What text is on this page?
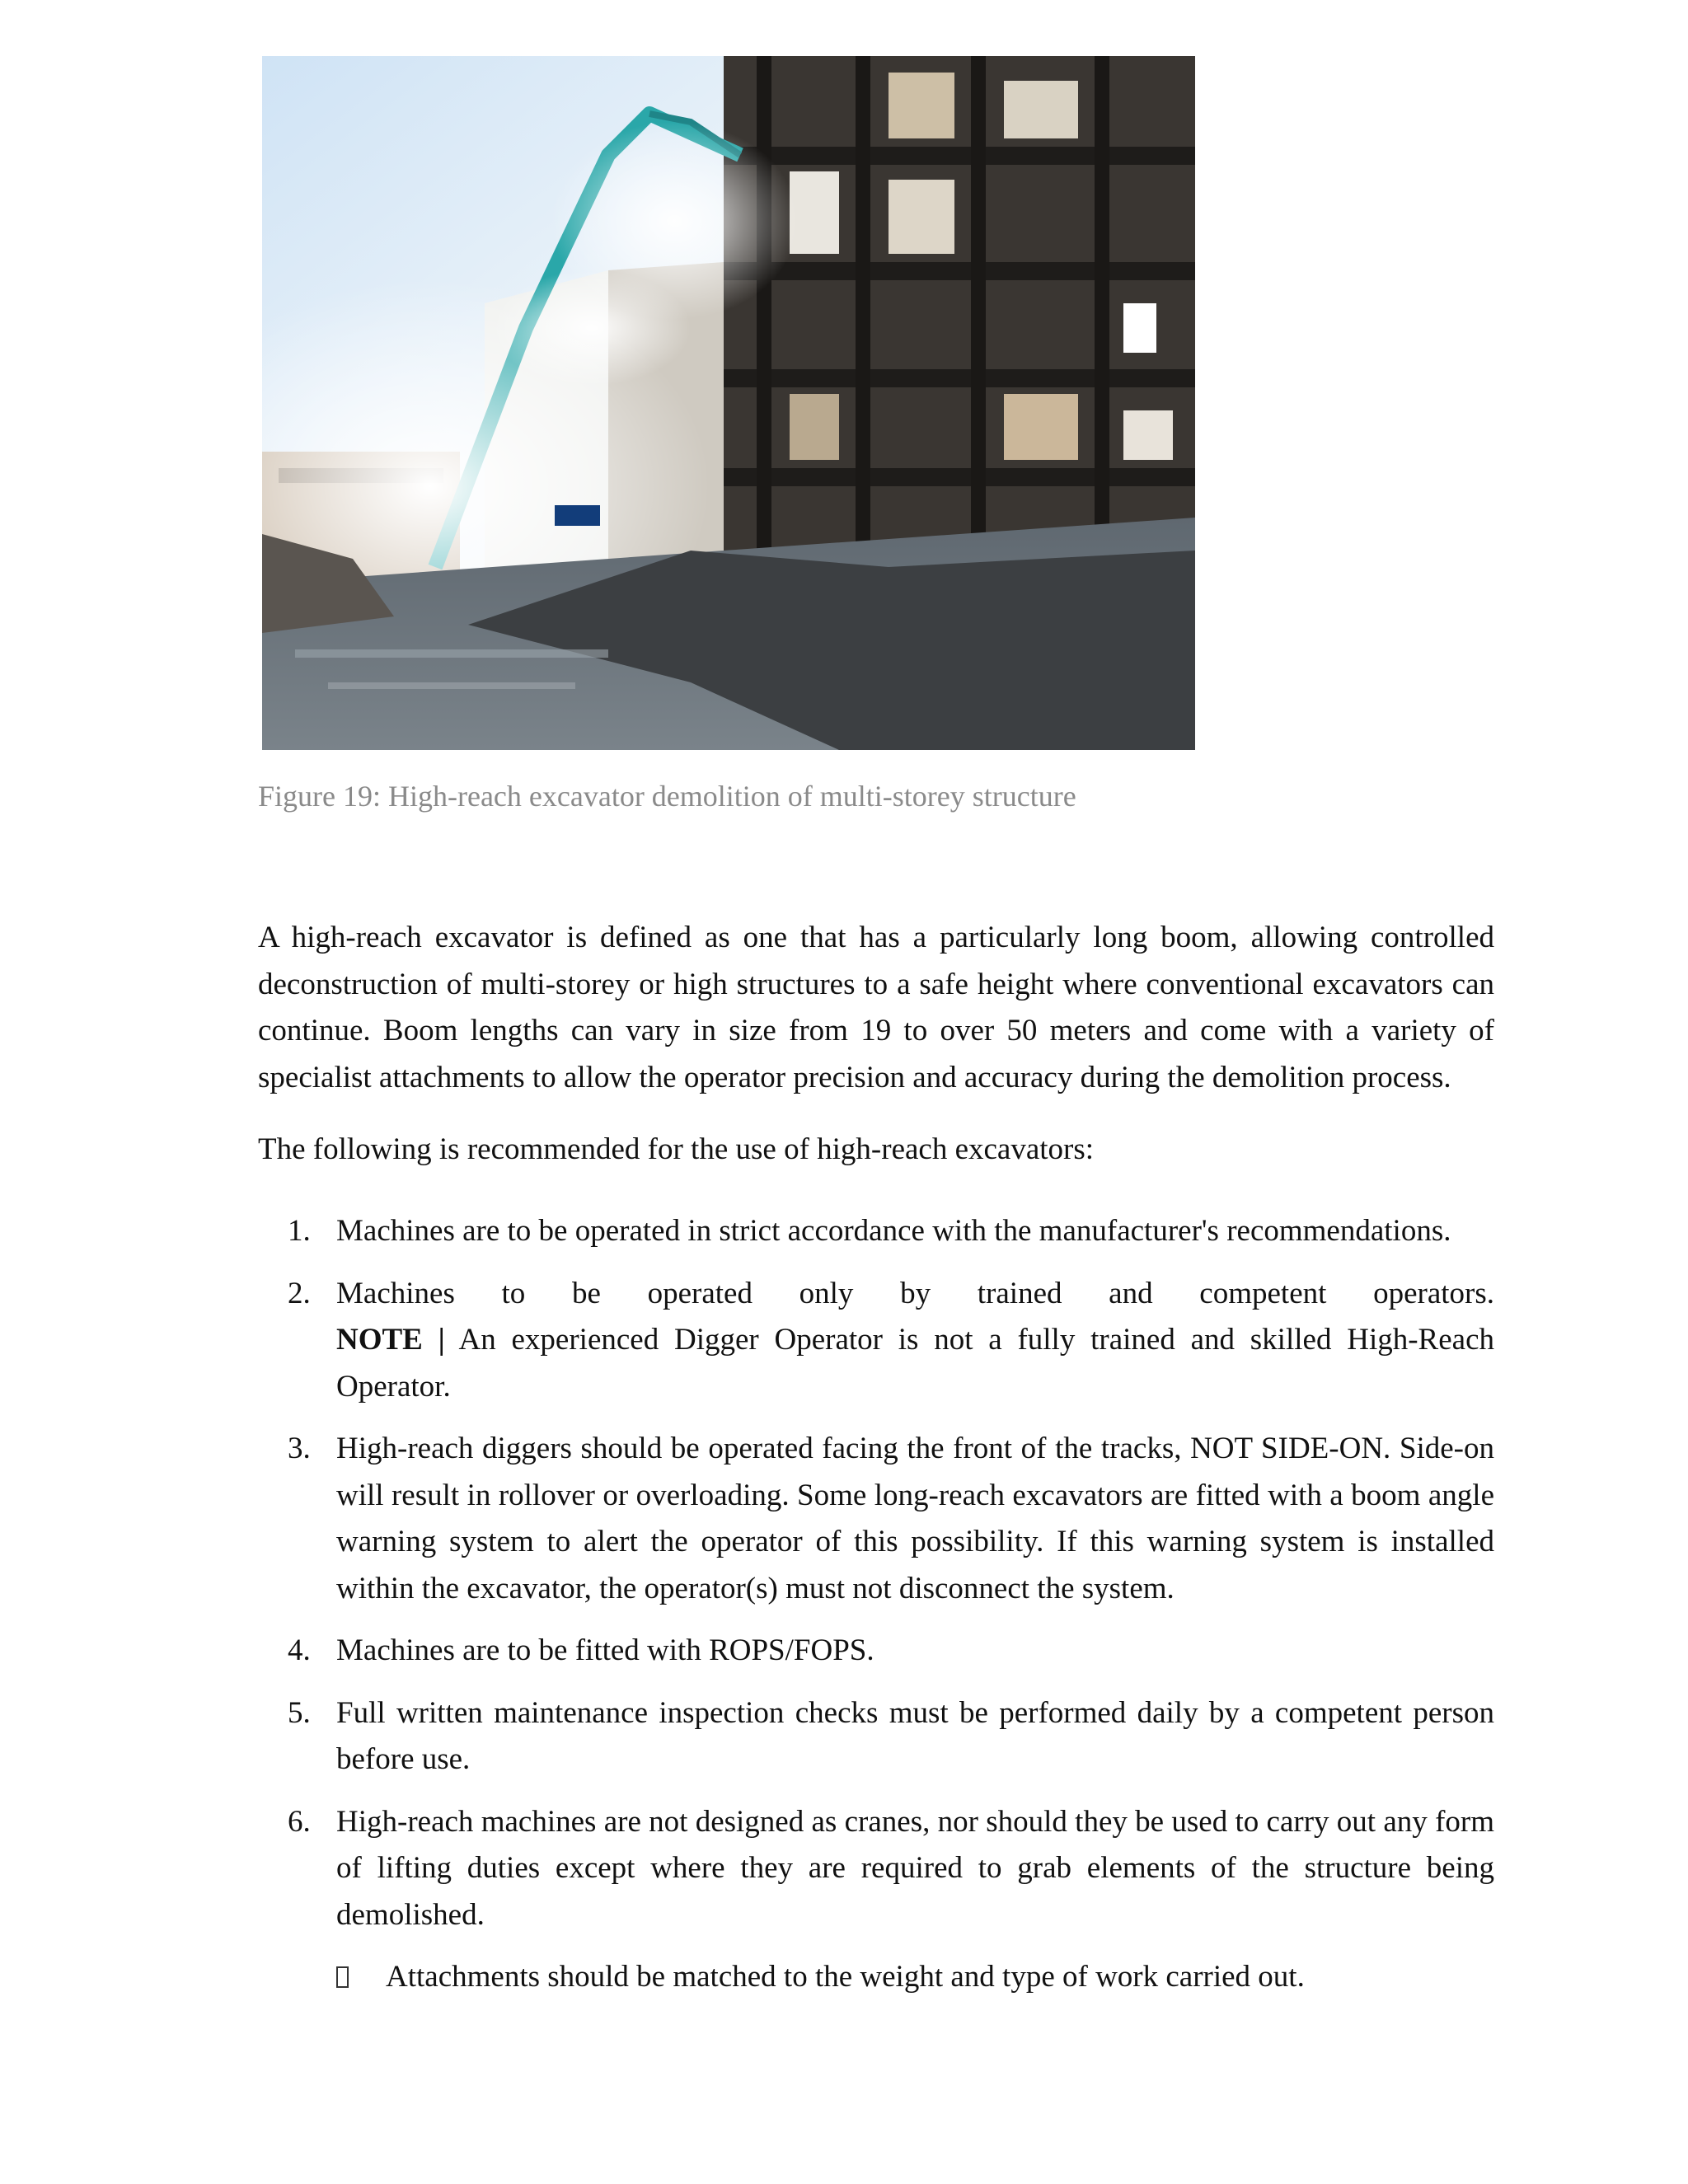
Figure 19: High-reach excavator demolition of multi-storey structure

A high-reach excavator is defined as one that has a particularly long boom, allowing controlled deconstruction of multi-storey or high structures to a safe height where conventional excavators can continue. Boom lengths can vary in size from 19 to over 50 meters and come with a variety of specialist attachments to allow the operator precision and accuracy during the demolition process.

The following is recommended for the use of high-reach excavators:

1. Machines are to be operated in strict accordance with the manufacturer's recommendations.
2. Machines to be operated only by trained and competent operators.
NOTE | An experienced Digger Operator is not a fully trained and skilled High-Reach Operator.
3. High-reach diggers should be operated facing the front of the tracks, NOT SIDE-ON. Side-on will result in rollover or overloading. Some long-reach excavators are fitted with a boom angle warning system to alert the operator of this possibility. If this warning system is installed within the excavator, the operator(s) must not disconnect the system.
4. Machines are to be fitted with ROPS/FOPS.
5. Full written maintenance inspection checks must be performed daily by a competent person before use.
6. High-reach machines are not designed as cranes, nor should they be used to carry out any form of lifting duties except where they are required to grab elements of the structure being demolished.
Attachments should be matched to the weight and type of work carried out.
